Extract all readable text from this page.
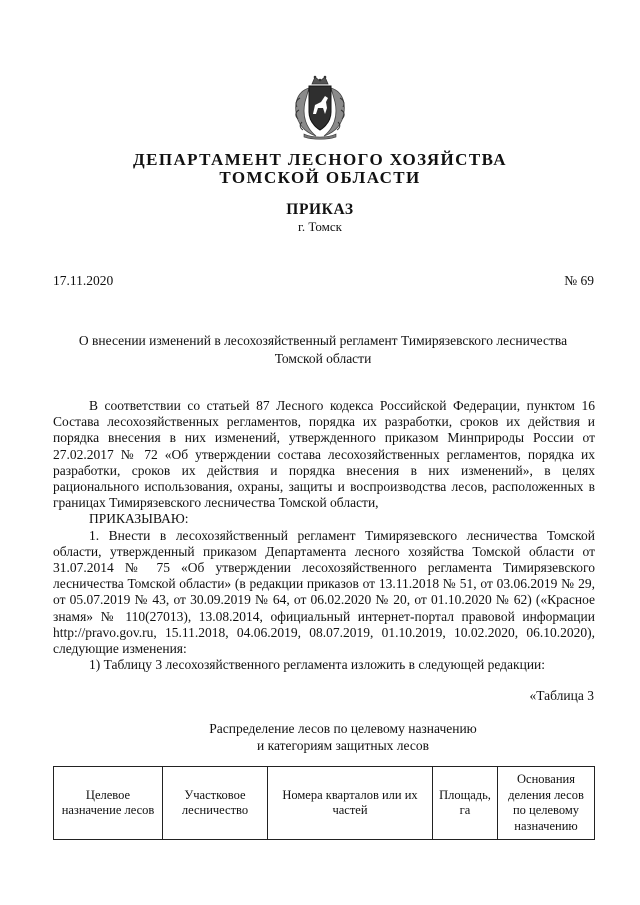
ДЕПАРТАМЕНТ ЛЕСНОГО ХОЗЯЙСТВА
ТОМСКОЙ ОБЛАСТИ
ПРИКАЗ
г. Томск
17.11.2020	№ 69
О внесении изменений в лесохозяйственный регламент Тимирязевского лесничества
Томской области

В соответствии со статьей 87 Лесного кодекса Российской Федерации, пунктом 16 Состава лесохозяйственных регламентов, порядка их разработки, сроков их действия и порядка внесения в них изменений, утвержденного приказом Минприроды России от 27.02.2017 № 72 «Об утверждении состава лесохозяйственных регламентов, порядка их разработки, сроков их действия и порядка внесения в них изменений», в целях рационального использования, охраны, защиты и воспроизводства лесов, расположенных в границах Тимирязевского лесничества Томской области,

ПРИКАЗЫВАЮ:

1. Внести в лесохозяйственный регламент Тимирязевского лесничества Томской области, утвержденный приказом Департамента лесного хозяйства Томской области от 31.07.2014 № 75 «Об утверждении лесохозяйственного регламента Тимирязевского лесничества Томской области» (в редакции приказов от 13.11.2018 № 51, от 03.06.2019 № 29, от 05.07.2019 № 43, от 30.09.2019 № 64, от 06.02.2020 № 20, от 01.10.2020 № 62) («Красное знамя» № 110(27013), 13.08.2014, официальный интернет-портал правовой информации http://pravo.gov.ru, 15.11.2018, 04.06.2019, 08.07.2019, 01.10.2019, 10.02.2020, 06.10.2020), следующие изменения:

1) Таблицу 3 лесохозяйственного регламента изложить в следующей редакции:

«Таблица 3
Распределение лесов по целевому назначению
и категориям защитных лесов
Целевое назначение лесов	Участковое лесничество	Номера кварталов или их частей	Площадь, га	Основания деления лесов по целевому назначению
